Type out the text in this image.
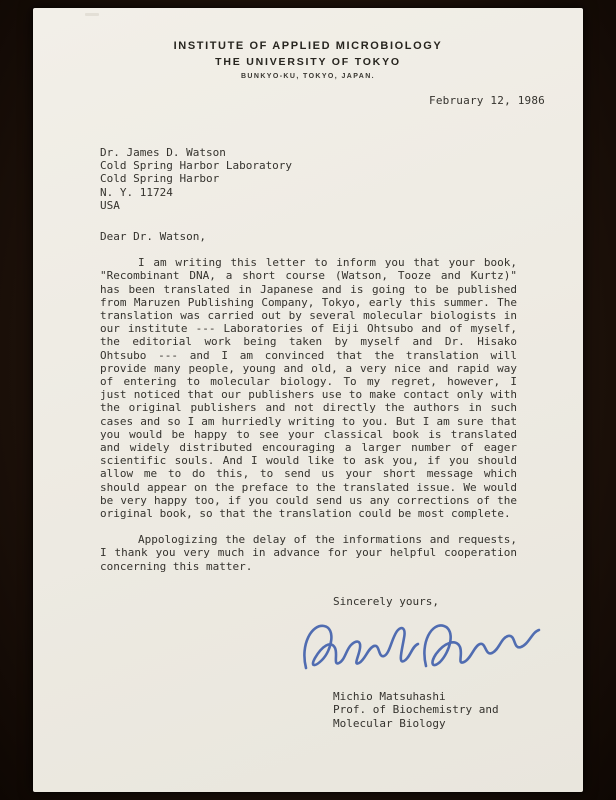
INSTITUTE OF APPLIED MICROBIOLOGY
THE UNIVERSITY OF TOKYO
BUNKYO-KU, TOKYO, JAPAN.
February 12, 1986
Dr. James D. Watson
Cold Spring Harbor Laboratory
Cold Spring Harbor
N. Y. 11724
USA
Dear Dr. Watson,
I am writing this letter to inform you that your book, "Recombinant DNA, a short course (Watson, Tooze and Kurtz)" has been translated in Japanese and is going to be published from Maruzen Publishing Company, Tokyo, early this summer. The translation was carried out by several molecular biologists in our institute --- Laboratories of Eiji Ohtsubo and of myself, the editorial work being taken by myself and Dr. Hisako Ohtsubo --- and I am convinced that the translation will provide many people, young and old, a very nice and rapid way of entering to molecular biology. To my regret, however, I just noticed that our publishers use to make contact only with the original publishers and not directly the authors in such cases and so I am hurriedly writing to you. But I am sure that you would be happy to see your classical book is translated and widely distributed encouraging a larger number of eager scientific souls. And I would like to ask you, if you should allow me to do this, to send us your short message which should appear on the preface to the translated issue. We would be very happy too, if you could send us any corrections of the original book, so that the translation could be most complete.
Appologizing the delay of the informations and requests, I thank you very much in advance for your helpful cooperation concerning this matter.
Sincerely yours,
Michio Matsuhashi
Prof. of Biochemistry and
Molecular Biology
